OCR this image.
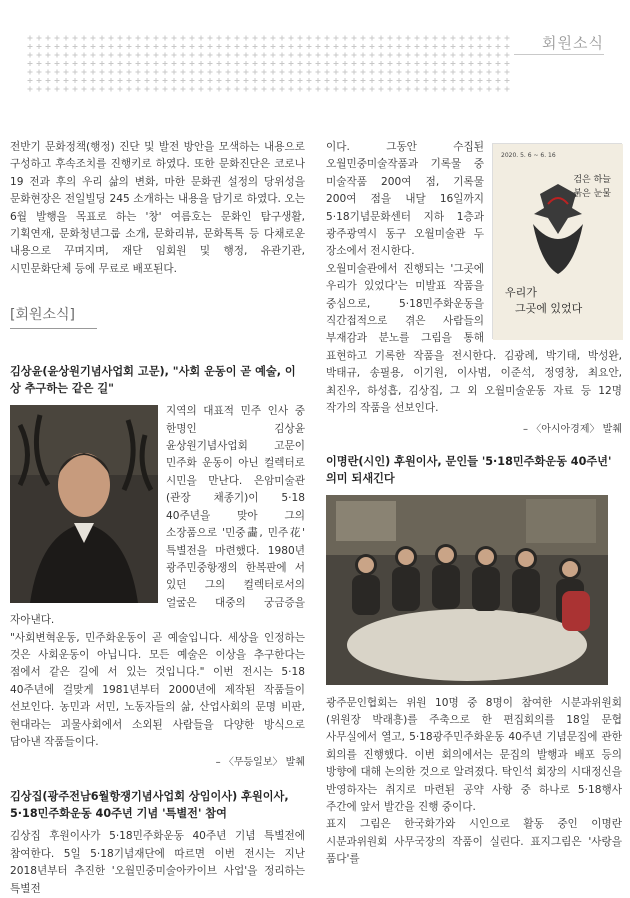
회원소식

전반기 문화정책(행정) 진단 및 발전 방안을 모색하는 내용으로 구성하고 후속조치를 진행키로 하였다. 또한 문화진단은 코로나 19 전과 후의 우리 삶의 변화, 마한 문화권 설정의 당위성을 문화현장은 전일빌딩 245 소개하는 내용을 담기로 하였다. 오는 6월 발행을 목표로 하는 '창' 여름호는 문화인 탐구생활, 기획연재, 문화청년그룹 소개, 문화리뷰, 문화톡톡 등 다채로운 내용으로 꾸며지며, 재단 임회원 및 행정, 유관기관, 시민문화단체 등에 무료로 배포된다.

[회원소식]
김상윤(윤상원기념사업회 고문), "사회 운동이 곧 예술, 이상 추구하는 같은 길"

지역의 대표적 민주 인사 중 한명인 김상윤 윤상원기념사업회 고문이 민주화 운동이 아닌 컬렉터로 시민을 만난다. 은암미술관(관장 채종기)이 5·18 40주년을 맞아 그의 소장품으로 '민중畵, 민주花' 특별전을 마련했다. 1980년 광주민중항쟁의 한복판에 서 있던 그의 컬렉터로서의 얼굴은 대중의 궁금증을 자아낸다.

"사회변혁운동, 민주화운동이 곧 예술입니다. 세상을 인정하는 것은 사회운동이 아닙니다. 모든 예술은 이상을 추구한다는 점에서 같은 길에 서 있는 것입니다." 이번 전시는 5·18 40주년에 걸맞게 1981년부터 2000년에 제작된 작품들이 선보인다. 농민과 서민, 노동자들의 삶, 산업사회의 문명 비판, 현대라는 괴물사회에서 소외된 사람들을 다양한 방식으로 담아낸 작품들이다.

– 〈무등일보〉 발췌
김상집(광주전남6월항쟁기념사업회 상임이사) 후원이사, 5·18민주화운동 40주년 기념 '특별전' 참여

김상집 후원이사가 5·18민주화운동 40주년 기념 특별전에 참여한다. 5일 5·18기념재단에 따르면 이번 전시는 지난 2018년부터 추진한 '오월민중미술아카이브 사업'을 정리하는 특별전

2020. 5. 6 ~ 6. 16
검은 하늘
붉은 눈물
우리가
그곳에 있었다

이다. 그동안 수집된 오월민중미술작품과 기록물 중 미술작품 200여 점, 기록물 200여 점을 내달 16일까지 5·18기념문화센터 지하 1층과 광주광역시 동구 오월미술관 두 장소에서 전시한다.

오월미술관에서 진행되는 '그곳에 우리가 있었다'는 미발표 작품을 중심으로, 5·18민주화운동을 직간접적으로 겪은 사람들의 부재감과 분노를 그림을 통해 표현하고 기록한 작품을 전시한다. 김광례, 박기태, 박성완, 박태규, 송필용, 이기원, 이사범, 이준석, 정영창, 최요안, 최진우, 하성흡, 김상집, 그 외 오월미술운동 자료 등 12명 작가의 작품을 선보인다.

– 〈아시아경제〉 발췌
이명란(시인) 후원이사, 문인들 '5·18민주화운동 40주년' 의미 되새긴다

광주문인협회는 위원 10명 중 8명이 참여한 시분과위원회(위원장 박래흥)를 주축으로 한 편집회의를 18일 문협 사무실에서 열고, 5·18광주민주화운동 40주년 기념문집에 관한 회의를 진행했다. 이번 회의에서는 문집의 발행과 배포 등의 방향에 대해 논의한 것으로 알려졌다. 탁인석 회장의 시대정신을 반영하자는 취지로 마련된 공약 사항 중 하나로 5·18행사 주간에 앞서 발간을 진행 중이다.

표지 그림은 한국화가와 시인으로 활동 중인 이명란 시분과위원회 사무국장의 작품이 실린다. 표지그림은 '사랑을 품다'를
